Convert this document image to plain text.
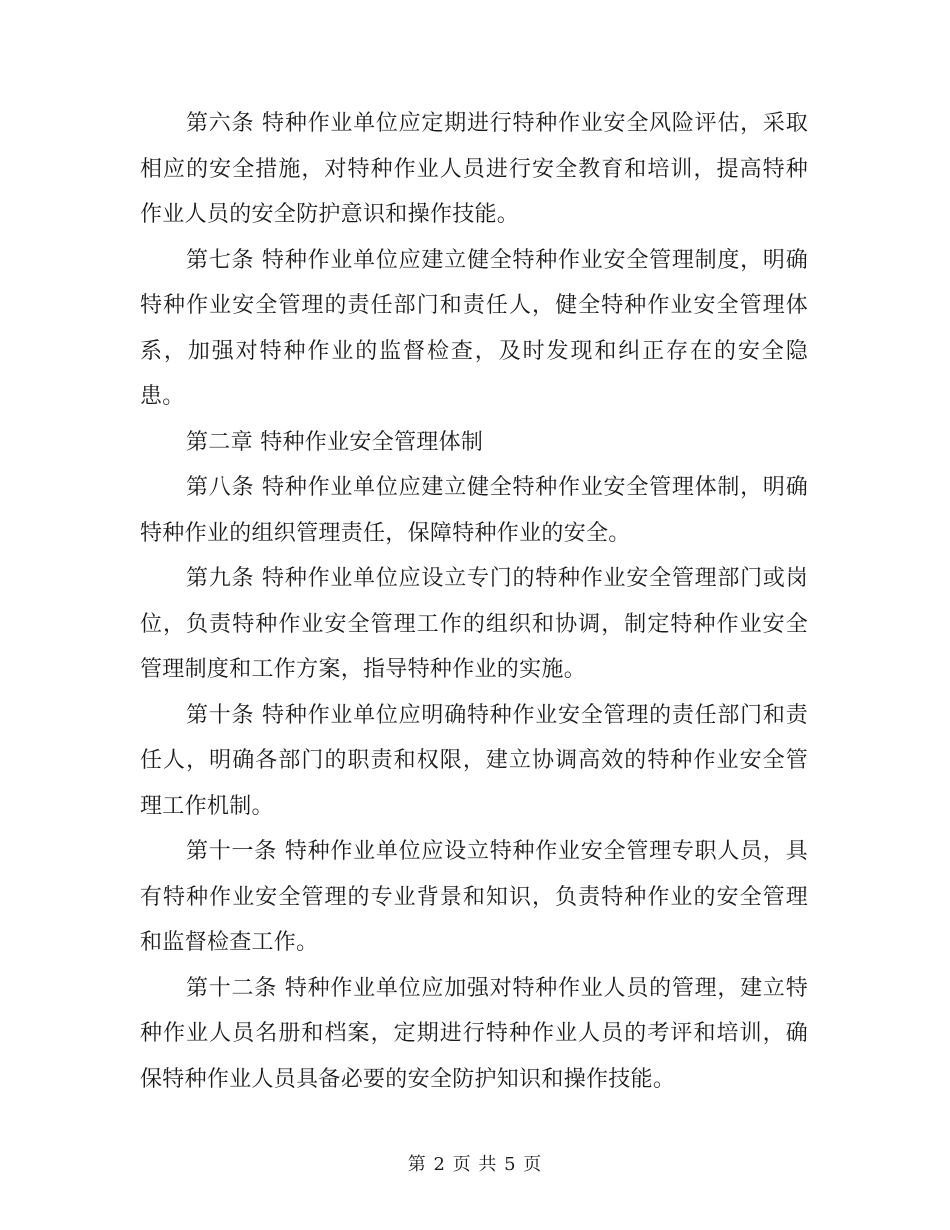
第六条 特种作业单位应定期进行特种作业安全风险评估，采取相应的安全措施，对特种作业人员进行安全教育和培训，提高特种作业人员的安全防护意识和操作技能。

第七条 特种作业单位应建立健全特种作业安全管理制度，明确特种作业安全管理的责任部门和责任人，健全特种作业安全管理体系，加强对特种作业的监督检查，及时发现和纠正存在的安全隐患。

第二章 特种作业安全管理体制

第八条 特种作业单位应建立健全特种作业安全管理体制，明确特种作业的组织管理责任，保障特种作业的安全。

第九条 特种作业单位应设立专门的特种作业安全管理部门或岗位，负责特种作业安全管理工作的组织和协调，制定特种作业安全管理制度和工作方案，指导特种作业的实施。

第十条 特种作业单位应明确特种作业安全管理的责任部门和责任人，明确各部门的职责和权限，建立协调高效的特种作业安全管理工作机制。

第十一条 特种作业单位应设立特种作业安全管理专职人员，具有特种作业安全管理的专业背景和知识，负责特种作业的安全管理和监督检查工作。

第十二条 特种作业单位应加强对特种作业人员的管理，建立特种作业人员名册和档案，定期进行特种作业人员的考评和培训，确保特种作业人员具备必要的安全防护知识和操作技能。

第 2 页 共 5 页
